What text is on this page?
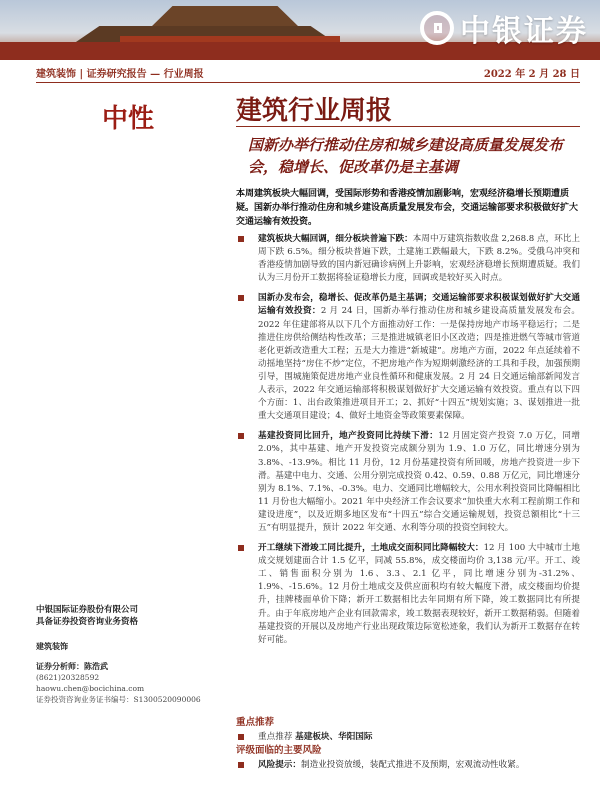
中银证券
建筑装饰 | 证券研究报告 — 行业周报	2022 年 2 月 28 日
中性	建筑行业周报
国新办举行推动住房和城乡建设高质量发展发布会，稳增长、促改革仍是主基调
本周建筑板块大幅回调，受国际形势和香港疫情加剧影响，宏观经济稳增长预期遭质疑。国新办举行推动住房和城乡建设高质量发展发布会，交通运输部要求积极做好扩大交通运输有效投资。
建筑板块大幅回调，细分板块普遍下跌：本周中万建筑指数收盘 2,268.8 点，环比上周下跌 6.5%。细分板块普遍下跌，土建施工跌幅最大，下跌 8.2%。受俄乌冲突和香港疫情加剧导致的国内新冠确诊病例上升影响，宏观经济稳增长预期遭质疑。我们认为三月份开工数据将验证稳增长力度，回调或是较好买入时点。
国新办发布会，稳增长、促改革仍是主基调；交通运输部要求积极谋划做好扩大交通运输有效投资：2 月 24 日，国新办举行推动住房和城乡建设高质量发展发布会。2022 年住建部将从以下几个方面推动好工作：一是保持房地产市场平稳运行；二是推进住房供给侧结构性改革；三是推进城镇老旧小区改造；四是推进燃气等城市管道老化更新改造重大工程；五是大力推进“新城建”。房地产方面，2022 年点延续着不动摇地坚持“房住不炒”定位，不把房地产作为短期刺激经济的工具和手段，加强预期引导，围城施策促进房地产业良性循环和健康发展。2 月 24 日交通运输部新闻发言人表示，2022 年交通运输部将积极谋划做好扩大交通运输有效投资。重点有以下四个方面：1、出台政策推进项目开工；2、抓好“十四五”规划实施；3、谋划推进一批重大交通项目建设；4、做好土地资金等政策要素保障。
基建投资同比回升，地产投资同比持续下滑：12 月固定资产投资 7.0 万亿，同增 2.0%，其中基建、地产开发投资完成额分别为 1.9、1.0 万亿，同比增速分别为 3.8%、-13.9%。相比 11 月份，12 月份基建投资有所回暖，房地产投资进一步下滑。基建中电力、交通、公用分别完成投资 0.42、0.59、0.88 万亿元，同比增速分别为 8.1%、7.1%、-0.3%。电力、交通同比增幅较大，公用水利投资同比降幅相比 11 月份也大幅缩小。2021 年中央经济工作会议要求“加快重大水利工程前期工作和建设进度”，以及近期多地区发布“十四五”综合交通运输规划，投资总额相比“十三五”有明显提升，预计 2022 年交通、水利等分项的投资空间较大。
开工继续下滑竣工同比提升，土地成交面积同比降幅较大：12 月 100 大中城市土地成交规划建面合计 1.5 亿平，同减 55.8%，成交楼面均价 3,138 元/平。开工、竣工、销售面积分别为 1.6、3.3、2.1 亿平，同比增速分别为-31.2%、1.9%、-15.6%。12 月份土地成交及供应面积均有较大幅度下滑，成交楼面均价提升，挂牌楼面单价下降；新开工数据相比去年同期有所下降，竣工数据同比有所提升。由于年底房地产企业有回款需求，竣工数据表现较好，新开工数据稍弱。但随着基建投资的开展以及房地产行业出现政策边际宽松迹象，我们认为新开工数据存在转好可能。
中银国际证券股份有限公司
具备证券投资咨询业务资格
建筑装饰
证券分析师：陈浩武
(8621)20328592
haowu.chen@bocichina.com
证券投资咨询业务证书编号：S1300520090006
重点推荐
重点推荐 基建板块、华阳国际
评级面临的主要风险
风险提示：制造业投资放缓，装配式推进不及预期，宏观流动性收紧。
